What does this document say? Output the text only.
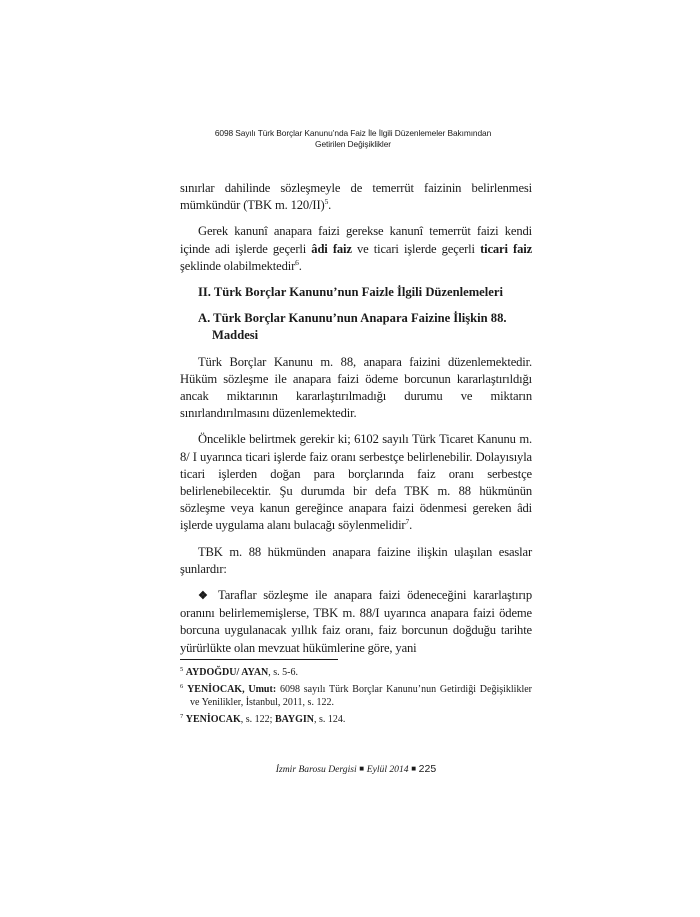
6098 Sayılı Türk Borçlar Kanunu’nda Faiz İle İlgili Düzenlemeler Bakımından
Getirilen Değişiklikler

sınırlar dahilinde sözleşmeyle de temerrüt faizinin belirlenmesi mümkündür (TBK m. 120/II)$^5$.

Gerek kanunî anapara faizi gerekse kanunî temerrüt faizi kendi içinde adi işlerde geçerli âdi faiz ve ticari işlerde geçerli ticari faiz şeklinde olabilmektedir$^6$.

II. Türk Borçlar Kanunu’nun Faizle İlgili Düzenlemeleri
A. Türk Borçlar Kanunu’nun Anapara Faizine İlişkin 88. Maddesi

Türk Borçlar Kanunu m. 88, anapara faizini düzenlemektedir. Hüküm sözleşme ile anapara faizi ödeme borcunun kararlaştırıldığı ancak miktarının kararlaştırılmadığı durumu ve miktarın sınırlandırılmasını düzenlemektedir.

Öncelikle belirtmek gerekir ki; 6102 sayılı Türk Ticaret Kanunu m. 8/ I uyarınca ticari işlerde faiz oranı serbestçe belirlenebilir. Dolayısıyla ticari işlerden doğan para borçlarında faiz oranı serbestçe belirlenebilecektir. Şu durumda bir defa TBK m. 88 hükmünün sözleşme veya kanun gereğince anapara faizi ödenmesi gereken âdi işlerde uygulama alanı bulacağı söylenmelidir$^7$.

TBK m. 88 hükmünden anapara faizine ilişkin ulaşılan esaslar şunlardır:

❖ Taraflar sözleşme ile anapara faizi ödeneceğini kararlaştırıp oranını belirlememişlerse, TBK m. 88/I uyarınca anapara faizi ödeme borcuna uygulanacak yıllık faiz oranı, faiz borcunun doğduğu tarihte yürürlükte olan mevzuat hükümlerine göre, yani

$^5$ AYDOĞDU/ AYAN, s. 5-6.
$^6$ YENİOCAK, Umut: 6098 sayılı Türk Borçlar Kanunu’nun Getirdiği Değişiklikler ve Yenilikler, İstanbul, 2011, s. 122.
$^7$ YENİOCAK, s. 122; BAYGIN, s. 124.
İzmir Barosu Dergisi ■ Eylül 2014 ■ 225
